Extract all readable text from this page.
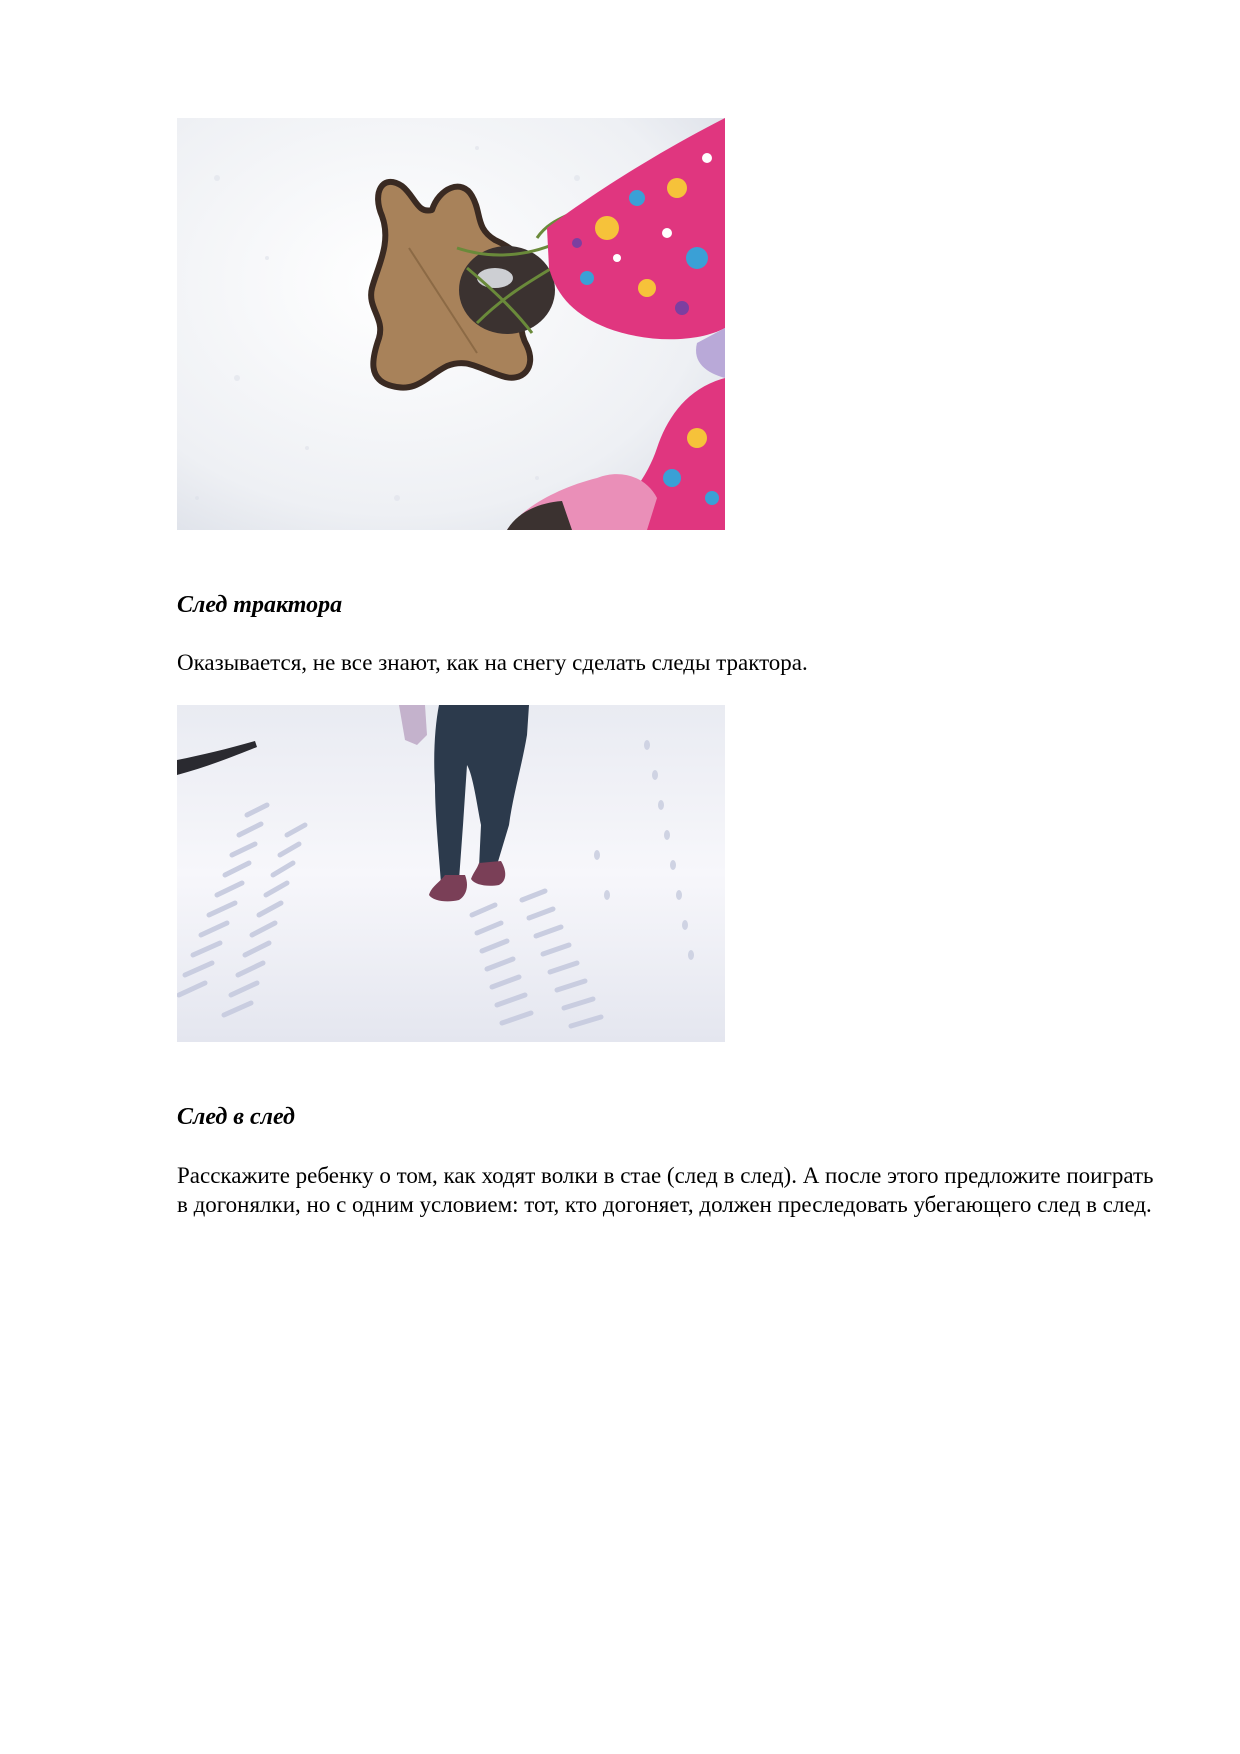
След трактора

Оказывается, не все знают, как на снегу сделать следы трактора.

След в след

Расскажите ребенку о том, как ходят волки в стае (след в след). А после этого предложите поиграть в догонялки, но с одним условием: тот, кто догоняет, должен преследовать убегающего след в след.
